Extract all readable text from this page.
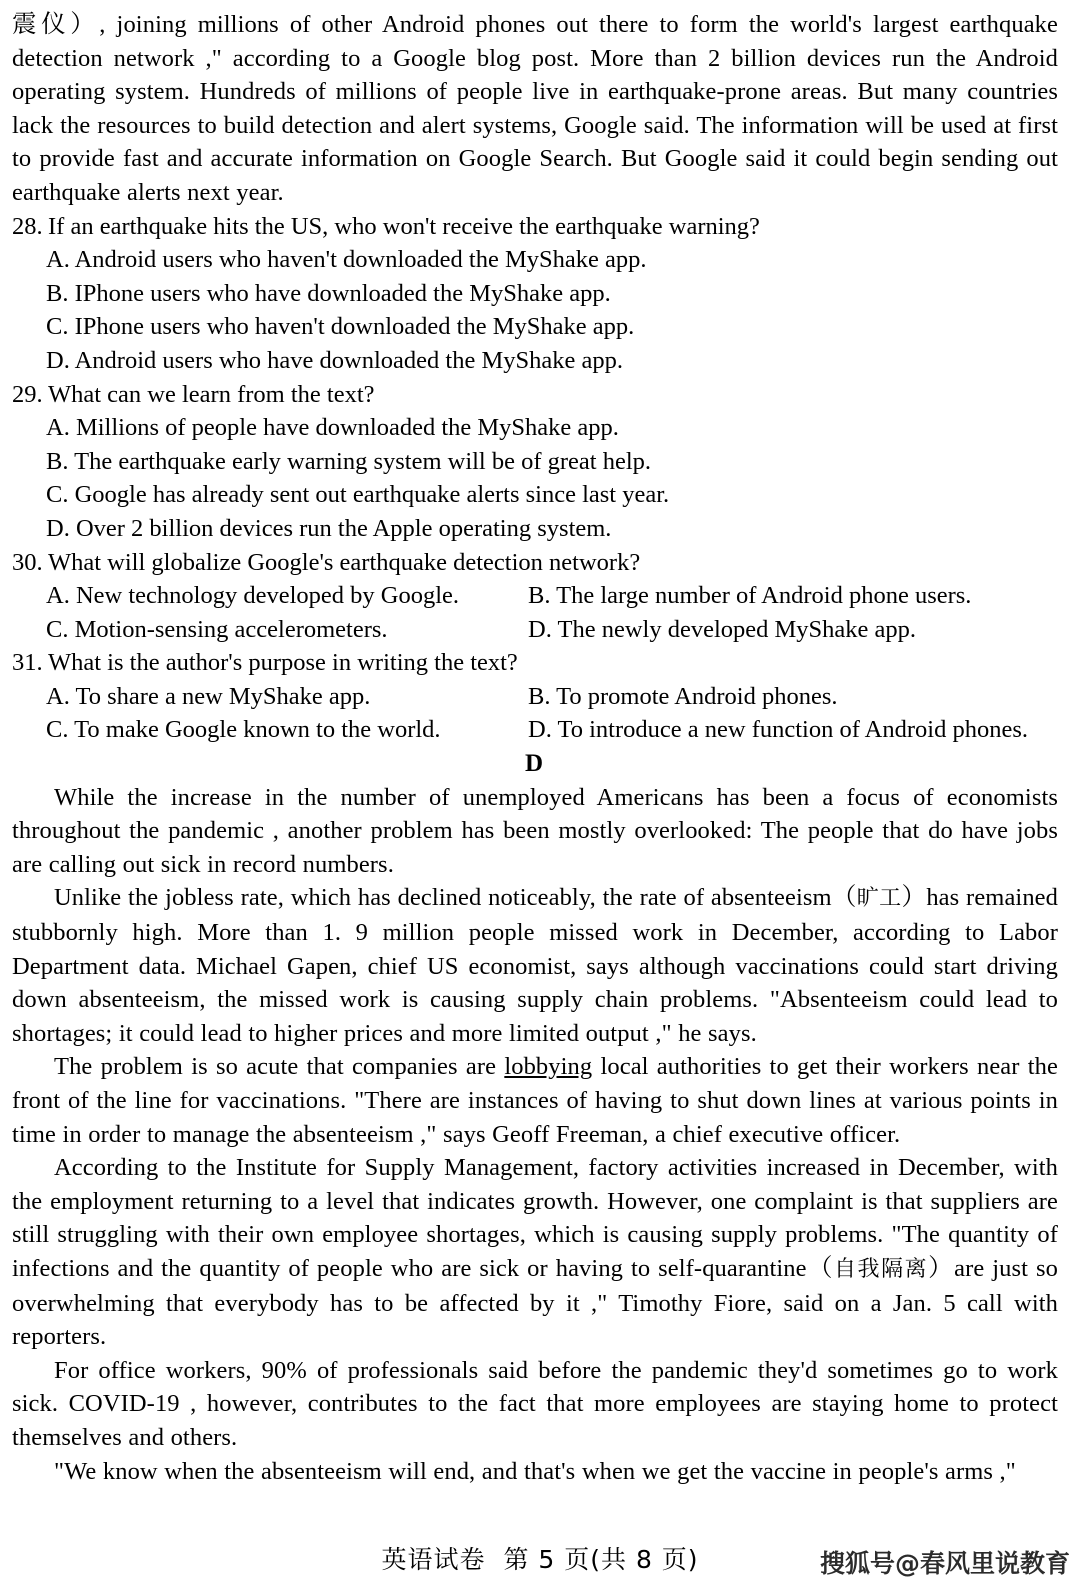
震仪）, joining millions of other Android phones out there to form the world's largest earthquake detection network ," according to a Google blog post. More than 2 billion devices run the Android operating system. Hundreds of millions of people live in earthquake-prone areas. But many countries lack the resources to build detection and alert systems, Google said. The information will be used at first to provide fast and accurate information on Google Search. But Google said it could begin sending out earthquake alerts next year.

28. If an earthquake hits the US, who won't receive the earthquake warning?

A. Android users who haven't downloaded the MyShake app.

B. IPhone users who have downloaded the MyShake app.

C. IPhone users who haven't downloaded the MyShake app.

D. Android users who have downloaded the MyShake app.

29. What can we learn from the text?

A. Millions of people have downloaded the MyShake app.

B. The earthquake early warning system will be of great help.

C. Google has already sent out earthquake alerts since last year.

D. Over 2 billion devices run the Apple operating system.

30. What will globalize Google's earthquake detection network?

A. New technology developed by Google.	B. The large number of Android phone users.
C. Motion-sensing accelerometers.	D. The newly developed MyShake app.

31. What is the author's purpose in writing the text?

A. To share a new MyShake app.	B. To promote Android phones.
C. To make Google known to the world.	D. To introduce a new function of Android phones.

D

While the increase in the number of unemployed Americans has been a focus of economists throughout the pandemic , another problem has been mostly overlooked: The people that do have jobs are calling out sick in record numbers.

Unlike the jobless rate, which has declined noticeably, the rate of absenteeism（旷工）has remained stubbornly high. More than 1. 9 million people missed work in December, according to Labor Department data. Michael Gapen, chief US economist, says although vaccinations could start driving down absenteeism, the missed work is causing supply chain problems. "Absenteeism could lead to shortages; it could lead to higher prices and more limited output ," he says.

The problem is so acute that companies are lobbying local authorities to get their workers near the front of the line for vaccinations. "There are instances of having to shut down lines at various points in time in order to manage the absenteeism ," says Geoff Freeman, a chief executive officer.

According to the Institute for Supply Management, factory activities increased in December, with the employment returning to a level that indicates growth. However, one complaint is that suppliers are still struggling with their own employee shortages, which is causing supply problems. "The quantity of infections and the quantity of people who are sick or having to self-quarantine（自我隔离）are just so overwhelming that everybody has to be affected by it ," Timothy Fiore, said on a Jan. 5 call with reporters.

For office workers, 90% of professionals said before the pandemic they'd sometimes go to work sick. COVID-19 , however, contributes to the fact that more employees are staying home to protect themselves and others.

"We know when the absenteeism will end, and that's when we get the vaccine in people's arms ,"

英语试卷 第 5 页(共 8 页)	搜狐号@春风里说教育
